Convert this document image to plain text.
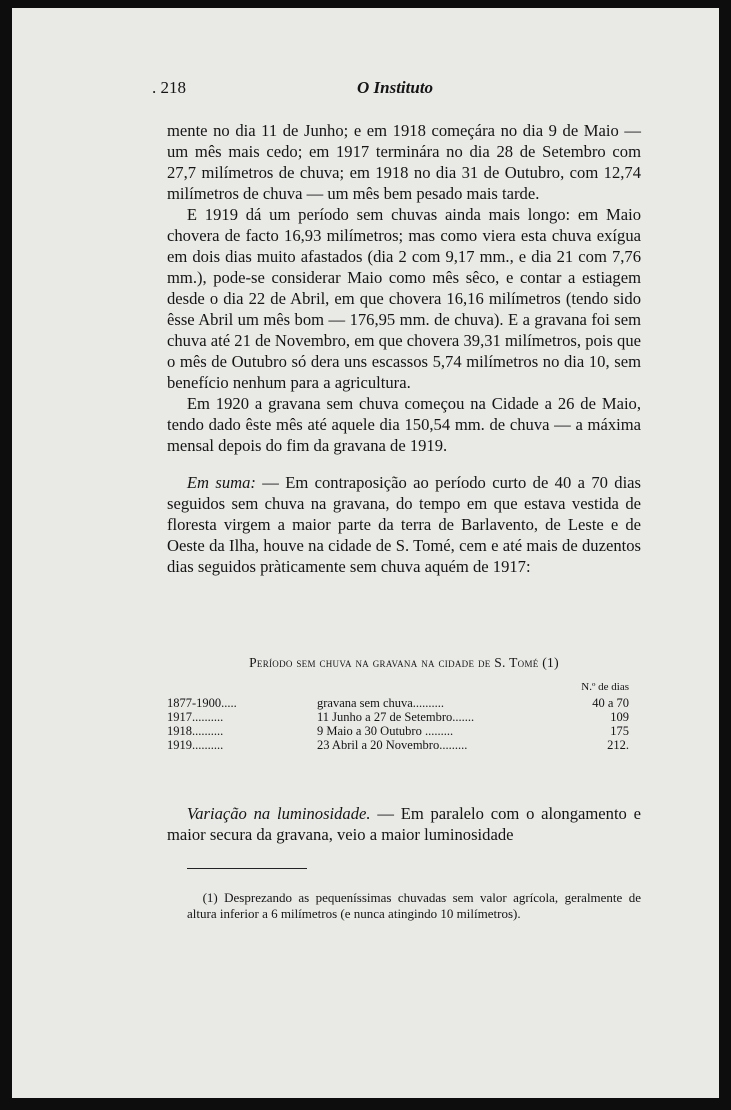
. 218	O Instituto

mente no dia 11 de Junho; e em 1918 começára no dia 9 de Maio — um mês mais cedo; em 1917 terminára no dia 28 de Setembro com 27,7 milímetros de chuva; em 1918 no dia 31 de Outubro, com 12,74 milímetros de chuva — um mês bem pesado mais tarde.

E 1919 dá um período sem chuvas ainda mais longo: em Maio chovera de facto 16,93 milímetros; mas como viera esta chuva exígua em dois dias muito afastados (dia 2 com 9,17 mm., e dia 21 com 7,76 mm.), pode-se considerar Maio como mês sêco, e contar a estiagem desde o dia 22 de Abril, em que chovera 16,16 milímetros (tendo sido êsse Abril um mês bom — 176,95 mm. de chuva). E a gravana foi sem chuva até 21 de Novembro, em que chovera 39,31 milímetros, pois que o mês de Outubro só dera uns escassos 5,74 milímetros no dia 10, sem benefício nenhum para a agricultura.

Em 1920 a gravana sem chuva começou na Cidade a 26 de Maio, tendo dado êste mês até aquele dia 150,54 mm. de chuva — a máxima mensal depois do fim da gravana de 1919.

Em suma: — Em contraposição ao período curto de 40 a 70 dias seguidos sem chuva na gravana, do tempo em que estava vestida de floresta virgem a maior parte da terra de Barlavento, de Leste e de Oeste da Ilha, houve na cidade de S. Tomé, cem e até mais de duzentos dias seguidos pràticamente sem chuva aquém de 1917:

Período sem chuva na gravana na cidade de S. Tomé (1)
N.º de dias
1877-1900.....	gravana sem chuva..........	40 a 70
1917..........	11 Junho a 27 de Setembro.......	109
1918..........	9 Maio a 30 Outubro .........	175
1919..........	23 Abril a 20 Novembro.........	212.

Variação na luminosidade. — Em paralelo com o alongamento e maior secura da gravana, veio a maior luminosidade

(1) Desprezando as pequeníssimas chuvadas sem valor agrícola, geralmente de altura inferior a 6 milímetros (e nunca atingindo 10 milímetros).
